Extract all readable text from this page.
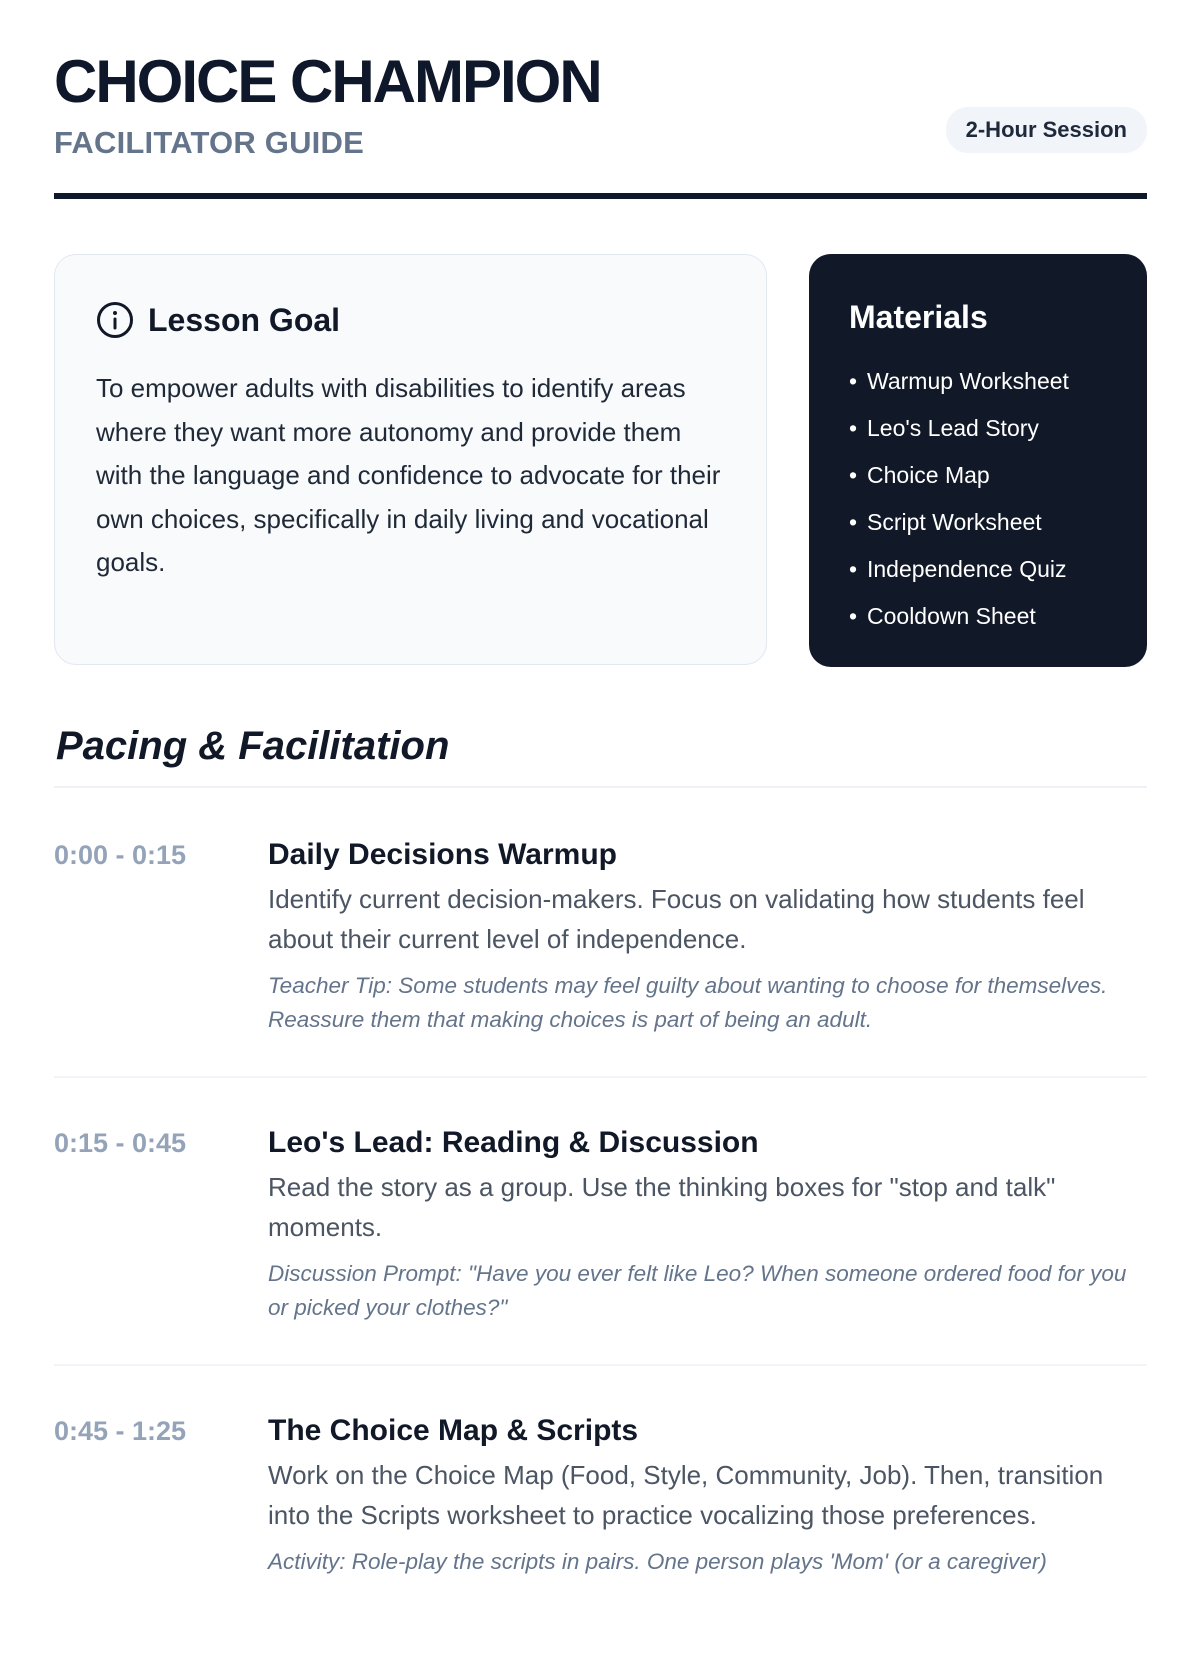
CHOICE CHAMPION
FACILITATOR GUIDE	2-Hour Session
Lesson Goal

To empower adults with disabilities to identify areas where they want more autonomy and provide them with the language and confidence to advocate for their own choices, specifically in daily living and vocational goals.

Materials
• Warmup Worksheet
• Leo's Lead Story
• Choice Map
• Script Worksheet
• Independence Quiz
• Cooldown Sheet
Pacing & Facilitation
0:00 - 0:15	Daily Decisions Warmup

Identify current decision-makers. Focus on validating how students feel about their current level of independence.

Teacher Tip: Some students may feel guilty about wanting to choose for themselves. Reassure them that making choices is part of being an adult.

0:15 - 0:45	Leo's Lead: Reading & Discussion

Read the story as a group. Use the thinking boxes for "stop and talk" moments.

Discussion Prompt: "Have you ever felt like Leo? When someone ordered food for you or picked your clothes?"

0:45 - 1:25	The Choice Map & Scripts

Work on the Choice Map (Food, Style, Community, Job). Then, transition into the Scripts worksheet to practice vocalizing those preferences.

Activity: Role-play the scripts in pairs. One person plays 'Mom' (or a caregiver)
